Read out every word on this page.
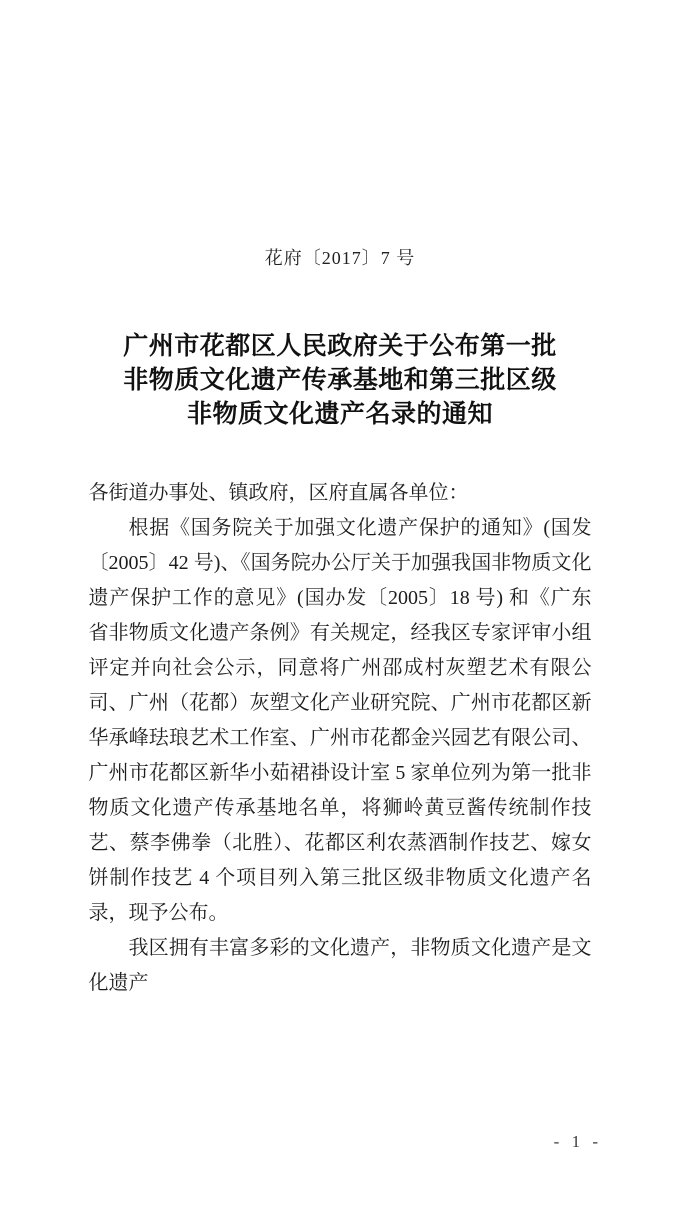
花府〔2017〕7 号
广州市花都区人民政府关于公布第一批
非物质文化遗产传承基地和第三批区级
非物质文化遗产名录的通知

各街道办事处、镇政府，区府直属各单位：

根据《国务院关于加强文化遗产保护的通知》(国发〔2005〕42 号)、《国务院办公厅关于加强我国非物质文化遗产保护工作的意见》(国办发〔2005〕18 号) 和《广东省非物质文化遗产条例》有关规定，经我区专家评审小组评定并向社会公示，同意将广州邵成村灰塑艺术有限公司、广州（花都）灰塑文化产业研究院、广州市花都区新华承峰珐琅艺术工作室、广州市花都金兴园艺有限公司、广州市花都区新华小茹裙褂设计室 5 家单位列为第一批非物质文化遗产传承基地名单，将狮岭黄豆酱传统制作技艺、蔡李佛拳（北胜）、花都区利农蒸酒制作技艺、嫁女饼制作技艺 4 个项目列入第三批区级非物质文化遗产名录，现予公布。

我区拥有丰富多彩的文化遗产，非物质文化遗产是文化遗产

- 1 -
